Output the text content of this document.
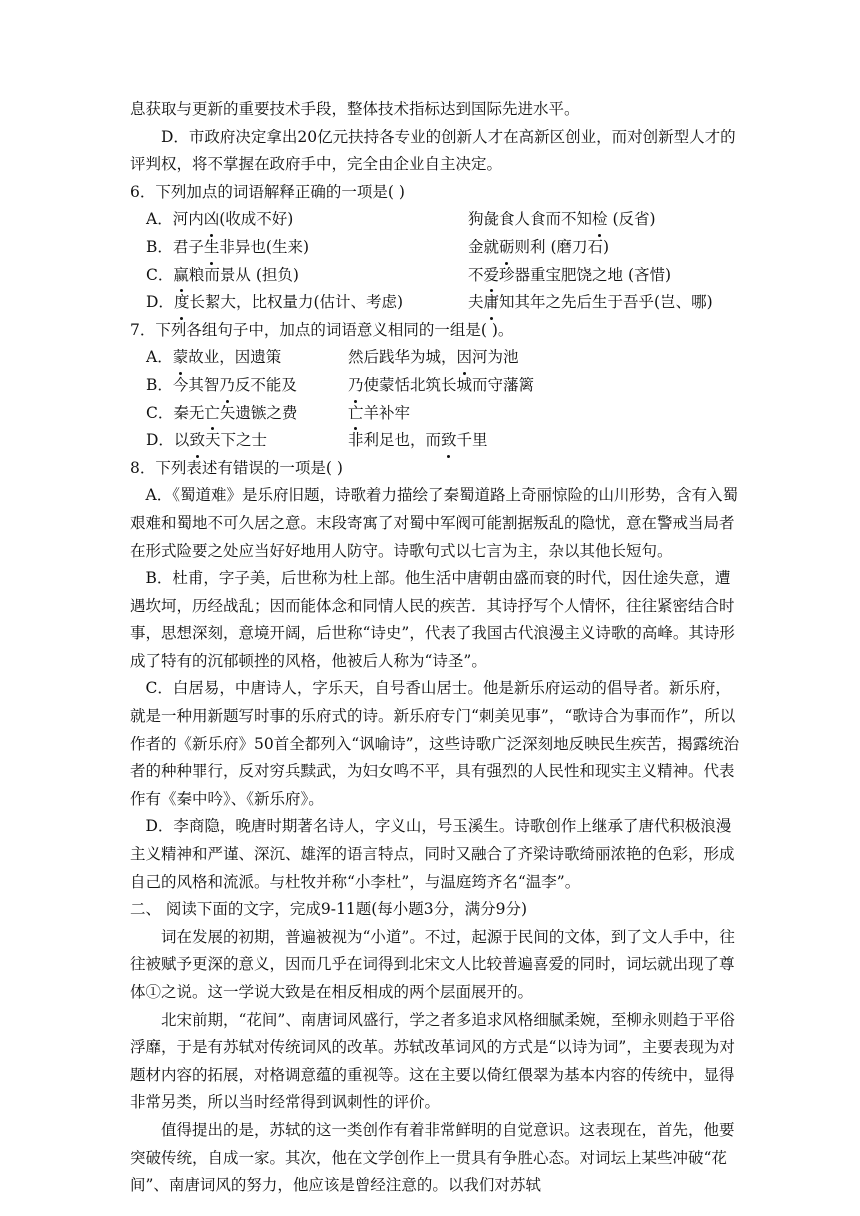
息获取与更新的重要技术手段，整体技术指标达到国际先进水平。

D．市政府决定拿出20亿元扶持各专业的创新人才在高新区创业，而对创新型人才的评判权，将不掌握在政府手中，完全由企业自主决定。

6．下列加点的词语解释正确的一项是( )

A．河内凶(收成不好)	狗彘食人食而不知检 (反省)
B．君子生非异也(生来)	金就砺则利 (磨刀石)
C．赢粮而景从 (担负)	不爱珍器重宝肥饶之地 (吝惜)
D．度长絜大，比权量力(估计、考虑)	夫庸知其年之先后生于吾乎(岂、哪)

7．下列各组句子中，加点的词语意义相同的一组是( )。

A．蒙故业，因遗策	然后践华为城，因河为池
B．今其智乃反不能及	乃使蒙恬北筑长城而守藩篱
C．秦无亡矢遗镞之费	亡羊补牢
D．以致天下之士	非利足也，而致千里

8．下列表述有错误的一项是( )

A．《蜀道难》是乐府旧题，诗歌着力描绘了秦蜀道路上奇丽惊险的山川形势，含有入蜀艰难和蜀地不可久居之意。末段寄寓了对蜀中军阀可能割据叛乱的隐忧，意在警戒当局者在形式险要之处应当好好地用人防守。诗歌句式以七言为主，杂以其他长短句。

B．杜甫，字子美，后世称为杜上部。他生活中唐朝由盛而衰的时代，因仕途失意，遭遇坎坷，历经战乱；因而能体念和同情人民的疾苦．其诗抒写个人情怀，往往紧密结合时事，思想深刻，意境开阔，后世称“诗史”，代表了我国古代浪漫主义诗歌的高峰。其诗形成了特有的沉郁顿挫的风格，他被后人称为“诗圣”。

C．白居易，中唐诗人，字乐天，自号香山居士。他是新乐府运动的倡导者。新乐府，就是一种用新题写时事的乐府式的诗。新乐府专门“刺美见事”，“歌诗合为事而作”，所以作者的《新乐府》50首全都列入“讽喻诗”，这些诗歌广泛深刻地反映民生疾苦，揭露统治者的种种罪行，反对穷兵黩武，为妇女鸣不平，具有强烈的人民性和现实主义精神。代表作有《秦中吟》、《新乐府》。

D．李商隐，晚唐时期著名诗人，字义山，号玉溪生。诗歌创作上继承了唐代积极浪漫主义精神和严谨、深沉、雄浑的语言特点，同时又融合了齐梁诗歌绮丽浓艳的色彩，形成自己的风格和流派。与杜牧并称“小李杜”，与温庭筠齐名“温李”。

二、 阅读下面的文字，完成9-11题(每小题3分，满分9分)

词在发展的初期，普遍被视为“小道”。不过，起源于民间的文体，到了文人手中，往往被赋予更深的意义，因而几乎在词得到北宋文人比较普遍喜爱的同时，词坛就出现了尊体①之说。这一学说大致是在相反相成的两个层面展开的。

北宋前期，“花间”、南唐词风盛行，学之者多追求风格细腻柔婉，至柳永则趋于平俗浮靡，于是有苏轼对传统词风的改革。苏轼改革词风的方式是“以诗为词”，主要表现为对题材内容的拓展，对格调意蕴的重视等。这在主要以倚红偎翠为基本内容的传统中，显得非常另类，所以当时经常得到讽刺性的评价。

值得提出的是，苏轼的这一类创作有着非常鲜明的自觉意识。这表现在，首先，他要突破传统，自成一家。其次，他在文学创作上一贯具有争胜心态。对词坛上某些冲破“花间”、南唐词风的努力，他应该是曾经注意的。以我们对苏轼
